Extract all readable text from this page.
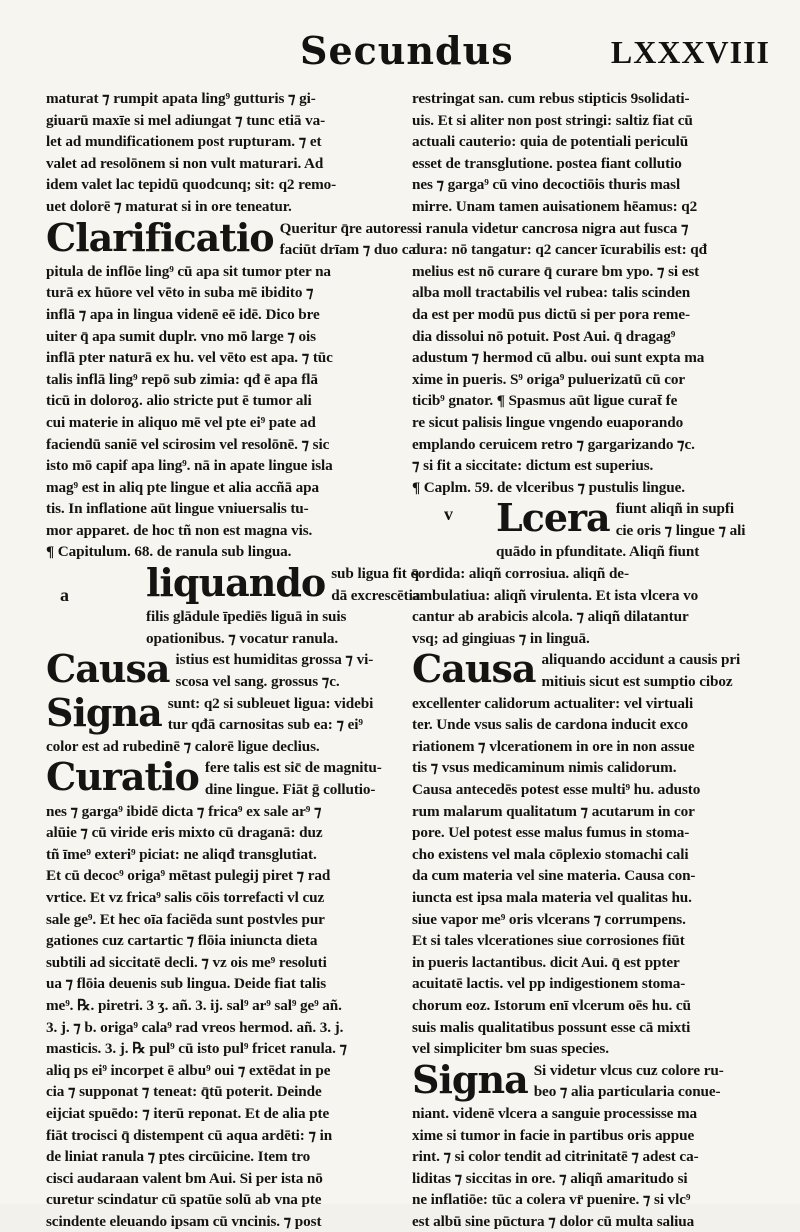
Secundus	LXXXVIII
maturat ⁊ rumpit apata ling⁹ gutturis ⁊ gi-
giuarū maxīe si mel adiungat ⁊ tunc etiā va-
let ad mundificationem post rupturam. ⁊ et
valet ad resolōnem si non vult maturari. Ad
idem valet lac tepidū quodcunq; sit: q2 remo-
uet dolorē ⁊ maturat si in ore teneatur.
Clarificatio Queritur q̄re autores
faciūt drīam ⁊ duo ca
pitula de inflōe ling⁹ cū apa sit tumor pter na
turā ex hūore vel vēto in suba mē ibidito ⁊
inflā ⁊ apa in lingua videnē eē idē. Dico bre
uiter q̄ apa sumit duplr. vno mō large ⁊ ois
inflā pter naturā ex hu. vel vēto est apa. ⁊ tūc
talis inflā ling⁹ repō sub zimia: qđ ē apa flā
ticū in doloroᵹ. alio stricte put ē tumor ali
cui materie in aliquo mē vel pte ei⁹ pate ad
faciendū saniē vel scirosim vel resolōnē. ⁊ sic
isto mō capif apa ling⁹. nā in apate lingue isla
mag⁹ est in aliq pte lingue et alia accñā apa
tis. In inflatione aūt lingue vniuersalis tu-
mor apparet. de hoc tñ non est magna vis.
¶ Capitulum. 68. de ranula sub lingua.
a liquando sub ligua fit q̄
dā excrescētia
filis glādule īpediēs liguā in suis
opationibus. ⁊ vocatur ranula.
Causa istius est humiditas grossa ⁊ vi-
scosa vel sang. grossus ⁊c.
Signa sunt: q2 si subleuet ligua: videbi
tur qđā carnositas sub ea: ⁊ ei⁹
color est ad rubedinē ⁊ calorē ligue declius.
Curatio fere talis est sic̄ de magnitu-
dine lingue. Fiāt ḡ collutio-
nes ⁊ garga⁹ ibidē dicta ⁊ frica⁹ ex sale ar⁹ ⁊
alūie ⁊ cū viride eris mixto cū draganā: duz
tñ īme⁹ exteri⁹ piciat: ne aliqđ transglutiat.
Et cū decoc⁹ origa⁹ mētast pulegij piret ⁊ rad
vrtice. Et vz frica⁹ salis cōis torrefacti vl cuz
sale ge⁹. Et hec oīa faciēda sunt postvles pur
gationes cuz cartartic ⁊ flōia iniuncta dieta
subtili ad siccitatē decli. ⁊ vz ois me⁹ resoluti
ua ⁊ flōia deuenis sub lingua. Deide fiat talis
me⁹. ℞. piretri. 3 ʒ. añ. 3. ij. sal⁹ ar⁹ sal⁹ ge⁹ añ.
3. j. ⁊ b. origa⁹ cala⁹ rad vreos hermod. añ. 3. j.
masticis. 3. j. ℞ pul⁹ cū isto pul⁹ fricet ranula. ⁊
aliq ps ei⁹ incorpet ē albu⁹ oui ⁊ extēdat in pe
cia ⁊ supponat ⁊ teneat: q̄tū poterit. Deinde
eijciat spuēdo: ⁊ iterū reponat. Et de alia pte
fiāt trocisci q̄ distempent cū aqua ardēti: ⁊ in
de liniat ranula ⁊ ptes circūicine. Item tro
cisci audaraan valent bm Aui. Si per ista nō
curetur scindatur cū spatūe solū ab vna pte
scindente eleuando ipsam cū vncinis. ⁊ post
restringat san. cum rebus stipticis 9solidati-
uis. Et si aliter non post stringi: saltiz fiat cū
actuali cauterio: quia de potentiali periculū
esset de transglutione. postea fiant collutio
nes ⁊ garga⁹ cū vino decoctiōis thuris masl
mirre. Unam tamen auisationem hēamus: q2
si ranula videtur cancrosa nigra aut fusca ⁊
dura: nō tangatur: q2 cancer īcurabilis est: qđ
melius est nō curare q̄ curare bm ypo. ⁊ si est
alba moll tractabilis vel rubea: talis scinden
da est per modū pus dictū si per pora reme-
dia dissolui nō potuit. Post Aui. q̄ dragag⁹
adustum ⁊ hermod cū albu. oui sunt expta ma
xime in pueris. S⁹ origa⁹ puluerizatū cū cor
ticib⁹ gnator. ¶ Spasmus aūt ligue curat̄ fe
re sicut palisis lingue vngendo euaporando
emplando ceruicem retro ⁊ gargarizando ⁊c.
⁊ si fit a siccitate: dictum est superius.
¶ Caplm. 59. de vlceribus ⁊ pustulis lingue.
v Lcera fiunt aliqñ in supfi
cie oris ⁊ lingue ⁊ ali
quādo in pfunditate. Aliqñ fiunt
sordida: aliqñ corrosiua. aliqñ de-
ambulatiua: aliqñ virulenta. Et ista vlcera vo
cantur ab arabicis alcola. ⁊ aliqñ dilatantur
vsq; ad gingiuas ⁊ in linguā.
Causa aliquando accidunt a causis pri
mitiuis sicut est sumptio ciboz
excellenter calidorum actualiter: vel virtuali
ter. Unde vsus salis de cardona inducit exco
riationem ⁊ vlcerationem in ore in non assue
tis ⁊ vsus medicaminum nimis calidorum.
Causa antecedēs potest esse multi⁹ hu. adusto
rum malarum qualitatum ⁊ acutarum in cor
pore. Uel potest esse malus fumus in stoma-
cho existens vel mala cōplexio stomachi cali
da cum materia vel sine materia. Causa con-
iuncta est ipsa mala materia vel qualitas hu.
siue vapor me⁹ oris vlcerans ⁊ corrumpens.
Et si tales vlcerationes siue corrosiones fiūt
in pueris lactantibus. dicit Aui. q̄ est ppter
acuitatē lactis. vel pp indigestionem stoma-
chorum eoz. Istorum enī vlcerum oēs hu. cū
suis malis qualitatibus possunt esse cā mixti
vel simpliciter bm suas species.
Signa Si videtur vlcus cuz colore ru-
beo ⁊ alia particularia conue-
niant. videnē vlcera a sanguie processisse ma
xime si tumor in facie in partibus oris appue
rint. ⁊ si color tendit ad citrinitatē ⁊ adest ca-
liditas ⁊ siccitas in ore. ⁊ aliqñ amaritudo si
ne inflatiōe: tūc a colera vr̄ puenire. ⁊ si vlc⁹
est albū sine pūctura ⁊ dolor cū multa saliua
